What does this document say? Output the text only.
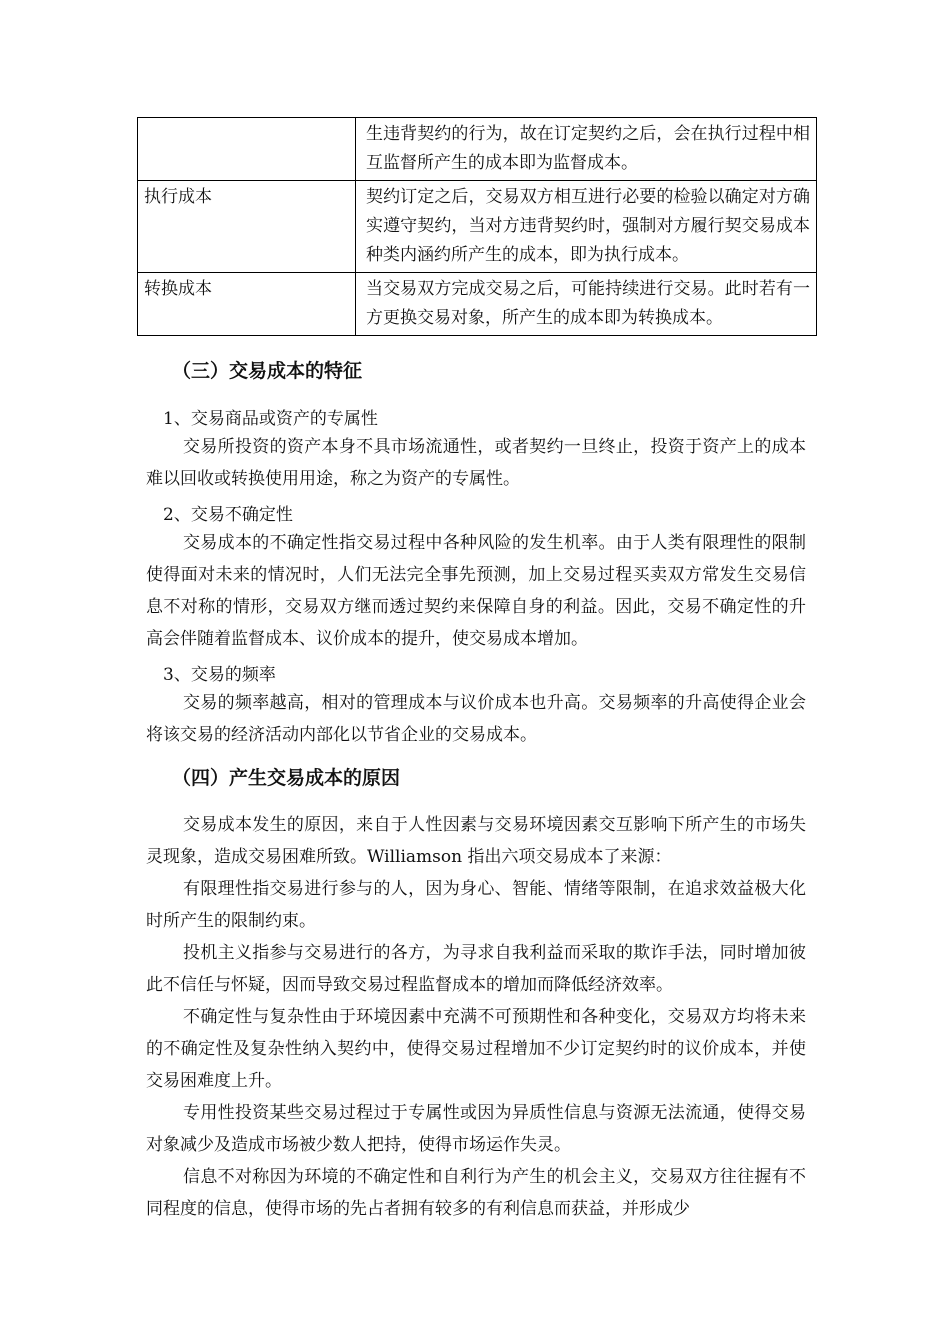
	生违背契约的行为，故在订定契约之后，会在执行过程中相互监督所产生的成本即为监督成本。
执行成本	契约订定之后，交易双方相互进行必要的检验以确定对方确实遵守契约，当对方违背契约时，强制对方履行契交易成本种类内涵约所产生的成本，即为执行成本。
转换成本	当交易双方完成交易之后，可能持续进行交易。此时若有一方更换交易对象，所产生的成本即为转换成本。
（三）交易成本的特征
1、交易商品或资产的专属性
交易所投资的资产本身不具市场流通性，或者契约一旦终止，投资于资产上的成本难以回收或转换使用用途，称之为资产的专属性。
2、交易不确定性
交易成本的不确定性指交易过程中各种风险的发生机率。由于人类有限理性的限制使得面对未来的情况时，人们无法完全事先预测，加上交易过程买卖双方常发生交易信息不对称的情形，交易双方继而透过契约来保障自身的利益。因此，交易不确定性的升高会伴随着监督成本、议价成本的提升，使交易成本增加。
3、交易的频率
交易的频率越高，相对的管理成本与议价成本也升高。交易频率的升高使得企业会将该交易的经济活动内部化以节省企业的交易成本。
（四）产生交易成本的原因
交易成本发生的原因，来自于人性因素与交易环境因素交互影响下所产生的市场失灵现象，造成交易困难所致。Williamson 指出六项交易成本了来源：
有限理性指交易进行参与的人，因为身心、智能、情绪等限制，在追求效益极大化时所产生的限制约束。
投机主义指参与交易进行的各方，为寻求自我利益而采取的欺诈手法，同时增加彼此不信任与怀疑，因而导致交易过程监督成本的增加而降低经济效率。
不确定性与复杂性由于环境因素中充满不可预期性和各种变化，交易双方均将未来的不确定性及复杂性纳入契约中，使得交易过程增加不少订定契约时的议价成本，并使交易困难度上升。
专用性投资某些交易过程过于专属性或因为异质性信息与资源无法流通，使得交易对象减少及造成市场被少数人把持，使得市场运作失灵。
信息不对称因为环境的不确定性和自利行为产生的机会主义，交易双方往往握有不同程度的信息，使得市场的先占者拥有较多的有利信息而获益，并形成少
